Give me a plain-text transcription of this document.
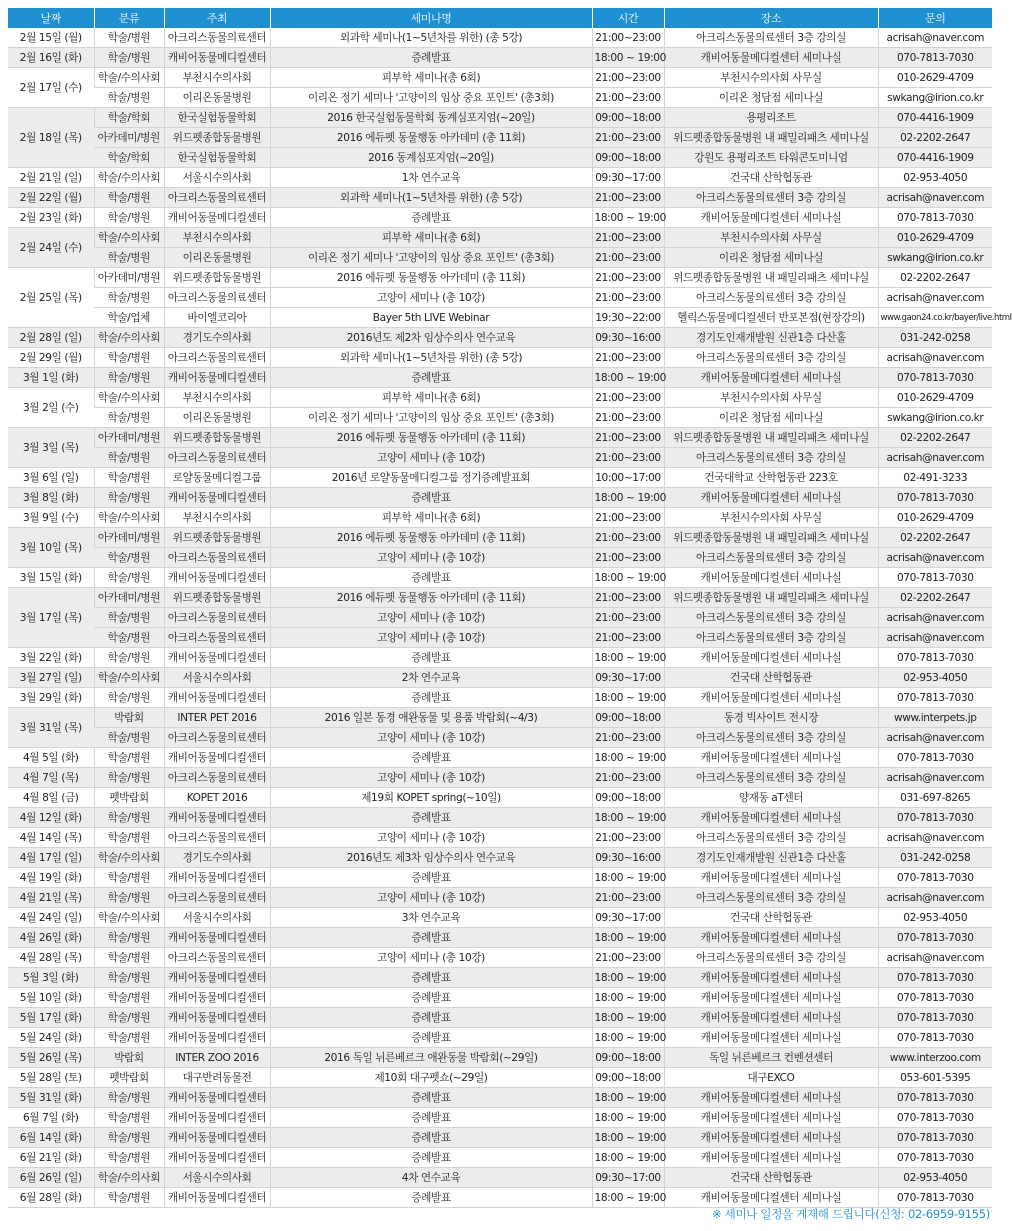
날짜	분류	주최	세미나명	시간	장소	문의
2월 15일 (월)	학술/병원	아크리스동물의료센터	외과학 세미나(1~5년차를 위한) (총 5강)	21:00~23:00	아크리스동물의료센터 3층 강의실	acrisah@naver.com
2월 16일 (화)	학술/병원	캐비어동물메디컬센터	증례발표	18:00 ~ 19:00	캐비어동물메디컬센터 세미나실	070-7813-7030
2월 17일 (수)	학술/수의사회	부천시수의사회	피부학 세미나(총 6회)	21:00~23:00	부천시수의사회 사무실	010-2629-4709
	학술/병원	이리온동물병원	이리온 정기 세미나 '고양이의 임상 중요 포인트' (총3회)	21:00~23:00	이리온 청담점 세미나실	swkang@irion.co.kr
2월 18일 (목)	학술/학회	한국실험동물학회	2016 한국실험동물학회 동계심포지엄(~20일)	09:00~18:00	용평리조트	070-4416-1909
	아카데미/병원	위드펫종합동물병원	2016 에듀펫 동물행동 아카데미 (총 11회)	21:00~23:00	위드펫종합동물병원 내 패밀리패츠 세미나실	02-2202-2647
	학술/학회	한국실험동물학회	2016 동계심포지엄(~20일)	09:00~18:00	강원도 용평리조트 타워콘도미니엄	070-4416-1909
2월 21일 (일)	학술/수의사회	서울시수의사회	1차 연수교육	09:30~17:00	건국대 산학협동관	02-953-4050
2월 22일 (월)	학술/병원	아크리스동물의료센터	외과학 세미나(1~5년차를 위한) (총 5강)	21:00~23:00	아크리스동물의료센터 3층 강의실	acrisah@naver.com
2월 23일 (화)	학술/병원	캐비어동물메디컬센터	증례발표	18:00 ~ 19:00	캐비어동물메디컬센터 세미나실	070-7813-7030
2월 24일 (수)	학술/수의사회	부천시수의사회	피부학 세미나(총 6회)	21:00~23:00	부천시수의사회 사무실	010-2629-4709
	학술/병원	이리온동물병원	이리온 정기 세미나 '고양이의 임상 중요 포인트' (총3회)	21:00~23:00	이리온 청담점 세미나실	swkang@irion.co.kr
2월 25일 (목)	아카데미/병원	위드펫종합동물병원	2016 에듀펫 동물행동 아카데미 (총 11회)	21:00~23:00	위드펫종합동물병원 내 패밀리패츠 세미나실	02-2202-2647
	학술/병원	아크리스동물의료센터	고양이 세미나 (총 10강)	21:00~23:00	아크리스동물의료센터 3층 강의실	acrisah@naver.com
	학술/업체	바이엘코리아	Bayer 5th LIVE Webinar	19:30~22:00	헬릭스동물메디컬센터 반포본점(현장강의)	www.gaon24.co.kr/bayer/live.html
2월 28일 (일)	학술/수의사회	경기도수의사회	2016년도 제2차 임상수의사 연수교육	09:30~16:00	경기도인재개발원 신관1층 다산홀	031-242-0258
2월 29일 (월)	학술/병원	아크리스동물의료센터	외과학 세미나(1~5년차를 위한) (총 5강)	21:00~23:00	아크리스동물의료센터 3층 강의실	acrisah@naver.com
3월 1일 (화)	학술/병원	캐비어동물메디컬센터	증례발표	18:00 ~ 19:00	캐비어동물메디컬센터 세미나실	070-7813-7030
3월 2일 (수)	학술/수의사회	부천시수의사회	피부학 세미나(총 6회)	21:00~23:00	부천시수의사회 사무실	010-2629-4709
	학술/병원	이리온동물병원	이리온 정기 세미나 '고양이의 임상 중요 포인트' (총3회)	21:00~23:00	이리온 청담점 세미나실	swkang@irion.co.kr
3월 3일 (목)	아카데미/병원	위드펫종합동물병원	2016 에듀펫 동물행동 아카데미 (총 11회)	21:00~23:00	위드펫종합동물병원 내 패밀리패츠 세미나실	02-2202-2647
	학술/병원	아크리스동물의료센터	고양이 세미나 (총 10강)	21:00~23:00	아크리스동물의료센터 3층 강의실	acrisah@naver.com
3월 6일 (일)	학술/병원	로얄동물메디컬그룹	2016년 로얄동물메디컬그룹 정기증례발표회	10:00~17:00	건국대학교 산학협동관 223호	02-491-3233
3월 8일 (화)	학술/병원	캐비어동물메디컬센터	증례발표	18:00 ~ 19:00	캐비어동물메디컬센터 세미나실	070-7813-7030
3월 9일 (수)	학술/수의사회	부천시수의사회	피부학 세미나(총 6회)	21:00~23:00	부천시수의사회 사무실	010-2629-4709
3월 10일 (목)	아카데미/병원	위드펫종합동물병원	2016 에듀펫 동물행동 아카데미 (총 11회)	21:00~23:00	위드펫종합동물병원 내 패밀리패츠 세미나실	02-2202-2647
	학술/병원	아크리스동물의료센터	고양이 세미나 (총 10강)	21:00~23:00	아크리스동물의료센터 3층 강의실	acrisah@naver.com
3월 15일 (화)	학술/병원	캐비어동물메디컬센터	증례발표	18:00 ~ 19:00	캐비어동물메디컬센터 세미나실	070-7813-7030
3월 17일 (목)	아카데미/병원	위드펫종합동물병원	2016 에듀펫 동물행동 아카데미 (총 11회)	21:00~23:00	위드펫종합동물병원 내 패밀리패츠 세미나실	02-2202-2647
	학술/병원	아크리스동물의료센터	고양이 세미나 (총 10강)	21:00~23:00	아크리스동물의료센터 3층 강의실	acrisah@naver.com
	학술/병원	아크리스동물의료센터	고양이 세미나 (총 10강)	21:00~23:00	아크리스동물의료센터 3층 강의실	acrisah@naver.com
3월 22일 (화)	학술/병원	캐비어동물메디컬센터	증례발표	18:00 ~ 19:00	캐비어동물메디컬센터 세미나실	070-7813-7030
3월 27일 (일)	학술/수의사회	서울시수의사회	2차 연수교육	09:30~17:00	건국대 산학협동관	02-953-4050
3월 29일 (화)	학술/병원	캐비어동물메디컬센터	증례발표	18:00 ~ 19:00	캐비어동물메디컬센터 세미나실	070-7813-7030
3월 31일 (목)	박람회	INTER PET 2016	2016 일본 동경 애완동물 및 용품 박람회(~4/3)	09:00~18:00	동경 빅사이트 전시장	www.interpets.jp
	학술/병원	아크리스동물의료센터	고양이 세미나 (총 10강)	21:00~23:00	아크리스동물의료센터 3층 강의실	acrisah@naver.com
4월 5일 (화)	학술/병원	캐비어동물메디컬센터	증례발표	18:00 ~ 19:00	캐비어동물메디컬센터 세미나실	070-7813-7030
4월 7일 (목)	학술/병원	아크리스동물의료센터	고양이 세미나 (총 10강)	21:00~23:00	아크리스동물의료센터 3층 강의실	acrisah@naver.com
4월 8일 (금)	펫박람회	KOPET 2016	제19회 KOPET spring(~10일)	09:00~18:00	양재동 aT센터	031-697-8265
4월 12일 (화)	학술/병원	캐비어동물메디컬센터	증례발표	18:00 ~ 19:00	캐비어동물메디컬센터 세미나실	070-7813-7030
4월 14일 (목)	학술/병원	아크리스동물의료센터	고양이 세미나 (총 10강)	21:00~23:00	아크리스동물의료센터 3층 강의실	acrisah@naver.com
4월 17일 (일)	학술/수의사회	경기도수의사회	2016년도 제3차 임상수의사 연수교육	09:30~16:00	경기도인재개발원 신관1층 다산홀	031-242-0258
4월 19일 (화)	학술/병원	캐비어동물메디컬센터	증례발표	18:00 ~ 19:00	캐비어동물메디컬센터 세미나실	070-7813-7030
4월 21일 (목)	학술/병원	아크리스동물의료센터	고양이 세미나 (총 10강)	21:00~23:00	아크리스동물의료센터 3층 강의실	acrisah@naver.com
4월 24일 (일)	학술/수의사회	서울시수의사회	3차 연수교육	09:30~17:00	건국대 산학협동관	02-953-4050
4월 26일 (화)	학술/병원	캐비어동물메디컬센터	증례발표	18:00 ~ 19:00	캐비어동물메디컬센터 세미나실	070-7813-7030
4월 28일 (목)	학술/병원	아크리스동물의료센터	고양이 세미나 (총 10강)	21:00~23:00	아크리스동물의료센터 3층 강의실	acrisah@naver.com
5월 3일 (화)	학술/병원	캐비어동물메디컬센터	증례발표	18:00 ~ 19:00	캐비어동물메디컬센터 세미나실	070-7813-7030
5월 10일 (화)	학술/병원	캐비어동물메디컬센터	증례발표	18:00 ~ 19:00	캐비어동물메디컬센터 세미나실	070-7813-7030
5월 17일 (화)	학술/병원	캐비어동물메디컬센터	증례발표	18:00 ~ 19:00	캐비어동물메디컬센터 세미나실	070-7813-7030
5월 24일 (화)	학술/병원	캐비어동물메디컬센터	증례발표	18:00 ~ 19:00	캐비어동물메디컬센터 세미나실	070-7813-7030
5월 26일 (목)	박람회	INTER ZOO 2016	2016 독일 뉘른베르크 애완동물 박람회(~29일)	09:00~18:00	독일 뉘른베르크 컨벤션센터	www.interzoo.com
5월 28일 (토)	펫박람회	대구반려동물전	제10회 대구펫쇼(~29일)	09:00~18:00	대구EXCO	053-601-5395
5월 31일 (화)	학술/병원	캐비어동물메디컬센터	증례발표	18:00 ~ 19:00	캐비어동물메디컬센터 세미나실	070-7813-7030
6월 7일 (화)	학술/병원	캐비어동물메디컬센터	증례발표	18:00 ~ 19:00	캐비어동물메디컬센터 세미나실	070-7813-7030
6월 14일 (화)	학술/병원	캐비어동물메디컬센터	증례발표	18:00 ~ 19:00	캐비어동물메디컬센터 세미나실	070-7813-7030
6월 21일 (화)	학술/병원	캐비어동물메디컬센터	증례발표	18:00 ~ 19:00	캐비어동물메디컬센터 세미나실	070-7813-7030
6월 26일 (일)	학술/수의사회	서울시수의사회	4차 연수교육	09:30~17:00	건국대 산학협동관	02-953-4050
6월 28일 (화)	학술/병원	캐비어동물메디컬센터	증례발표	18:00 ~ 19:00	캐비어동물메디컬센터 세미나실	070-7813-7030
※ 세미나 일정을 게재해 드립니다(신청: 02-6959-9155)
